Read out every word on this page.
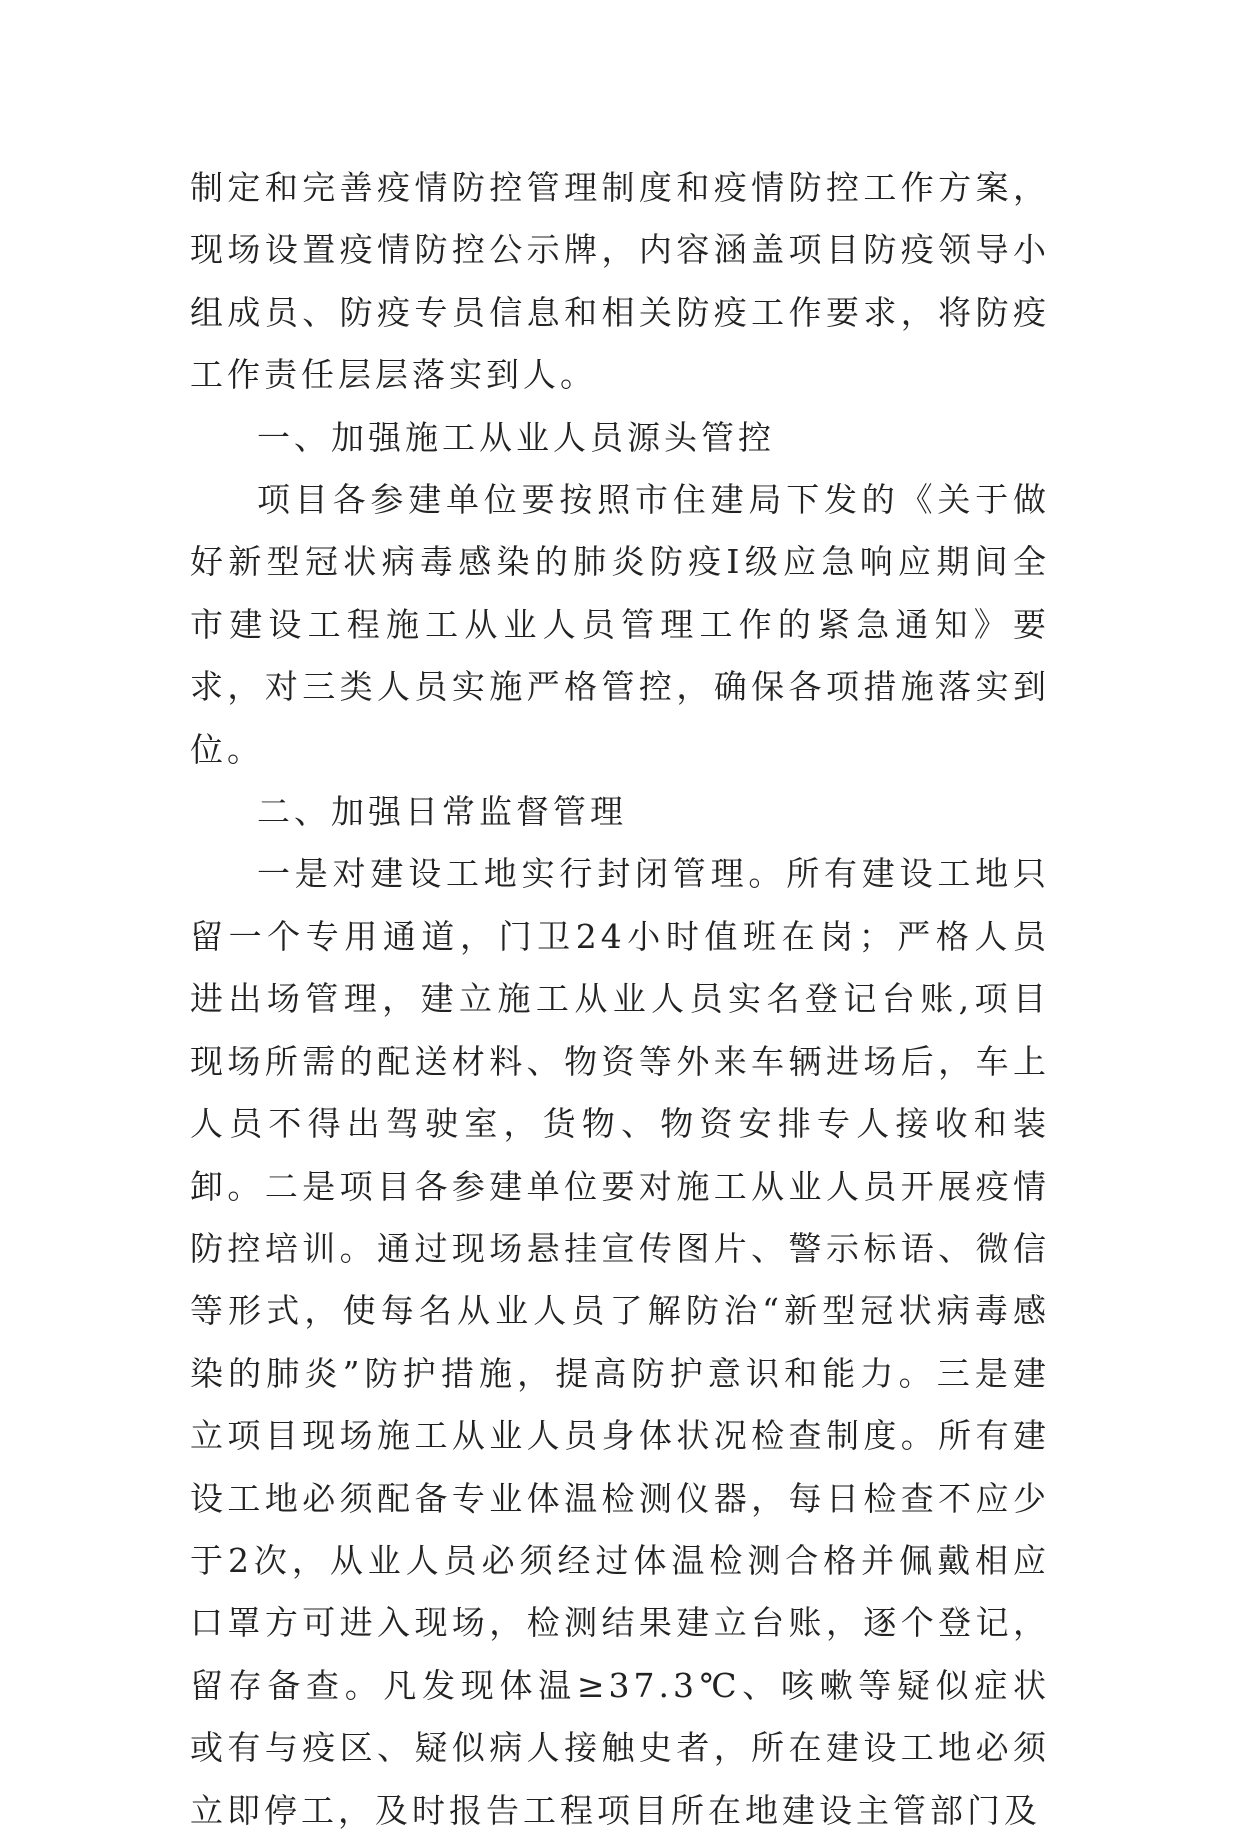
制定和完善疫情防控管理制度和疫情防控工作方案，现场设置疫情防控公示牌，内容涵盖项目防疫领导小组成员、防疫专员信息和相关防疫工作要求，将防疫工作责任层层落实到人。

一、加强施工从业人员源头管控

项目各参建单位要按照市住建局下发的《关于做好新型冠状病毒感染的肺炎防疫Ⅰ级应急响应期间全市建设工程施工从业人员管理工作的紧急通知》要求，对三类人员实施严格管控，确保各项措施落实到位。

二、加强日常监督管理

一是对建设工地实行封闭管理。所有建设工地只留一个专用通道，门卫24小时值班在岗；严格人员进出场管理，建立施工从业人员实名登记台账,项目现场所需的配送材料、物资等外来车辆进场后，车上人员不得出驾驶室，货物、物资安排专人接收和装卸。二是项目各参建单位要对施工从业人员开展疫情防控培训。通过现场悬挂宣传图片、警示标语、微信等形式，使每名从业人员了解防治“新型冠状病毒感染的肺炎”防护措施，提高防护意识和能力。三是建立项目现场施工从业人员身体状况检查制度。所有建设工地必须配备专业体温检测仪器，每日检查不应少于2次，从业人员必须经过体温检测合格并佩戴相应口罩方可进入现场，检测结果建立台账，逐个登记，留存备查。凡发现体温≥37.3℃、咳嗽等疑似症状或有与疫区、疑似病人接触史者，所在建设工地必须立即停工，及时报告工程项目所在地建设主管部门及
